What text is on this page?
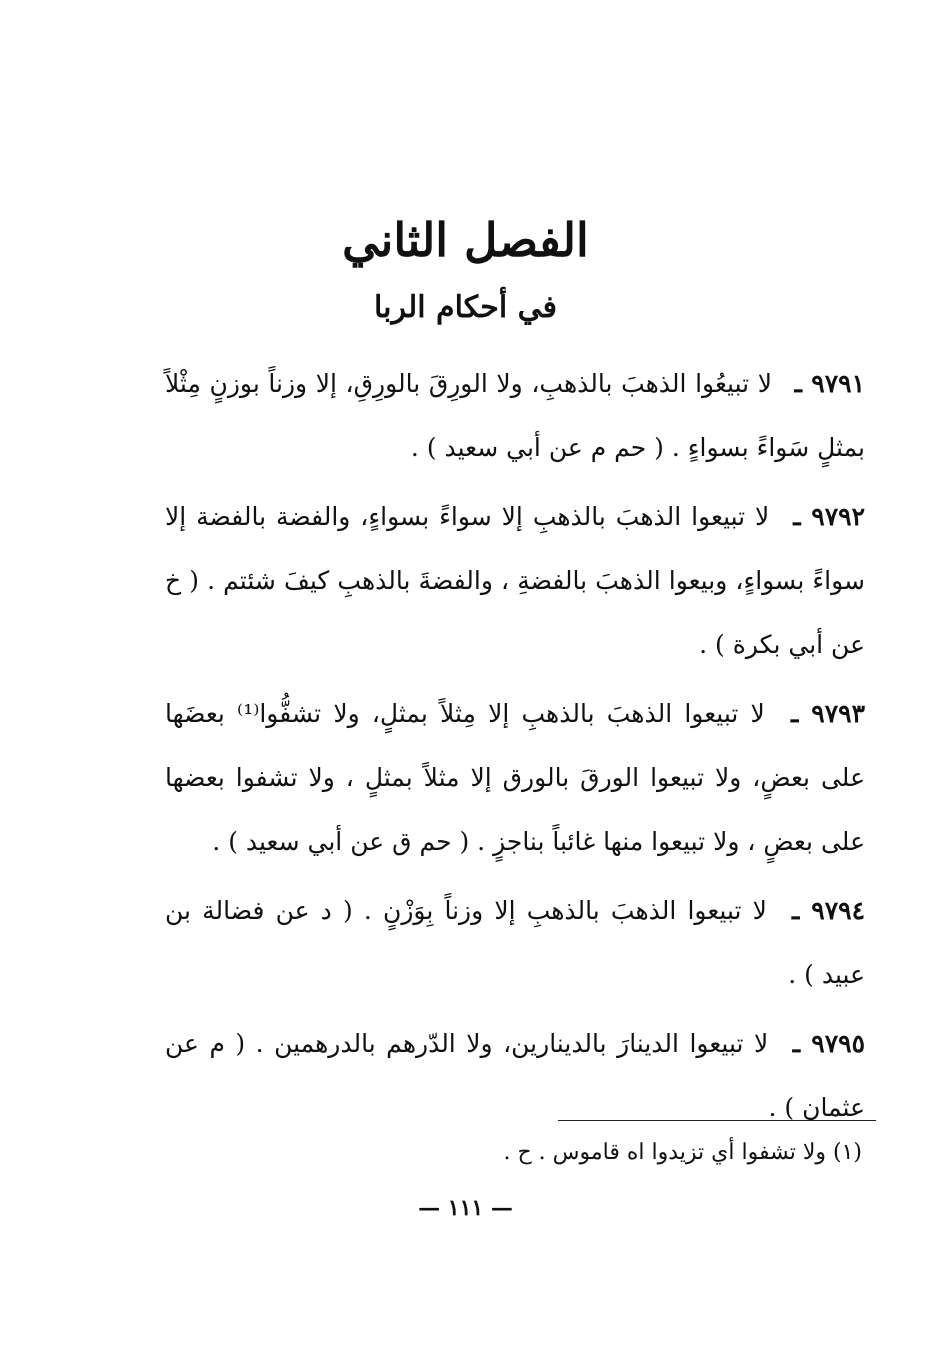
الفصل الثاني
في أحكام الربا

٩٧٩١ ـ لا تبيعُوا الذهبَ بالذهبِ، ولا الورِقَ بالورِقِ، إلا وزناً بوزنٍ مِثْلاً بمثلٍ سَواءً بسواءٍ . ( حم م عن أبي سعيد ) .

٩٧٩٢ ـ لا تبيعوا الذهبَ بالذهبِ إلا سواءً بسواءٍ، والفضة بالفضة إلا سواءً بسواءٍ، وبيعوا الذهبَ بالفضةِ ، والفضةَ بالذهبِ كيفَ شئتم . ( خ عن أبي بكرة ) .

٩٧٩٣ ـ لا تبيعوا الذهبَ بالذهبِ إلا مِثلاً بمثلٍ، ولا تشفُّوا⁽¹⁾ بعضَها على بعضٍ، ولا تبيعوا الورقَ بالورق إلا مثلاً بمثلٍ ، ولا تشفوا بعضها على بعضٍ ، ولا تبيعوا منها غائباً بناجزٍ . ( حم ق عن أبي سعيد ) .

٩٧٩٤ ـ لا تبيعوا الذهبَ بالذهبِ إلا وزناً بِوَزْنٍ . ( د عن فضالة بن عبيد ) .

٩٧٩٥ ـ لا تبيعوا الدينارَ بالدينارين، ولا الدّرهم بالدرهمين . ( م عن عثمان ) .

(١) ولا تشفوا أي تزيدوا اه قاموس . ح .

— ١١١ —
